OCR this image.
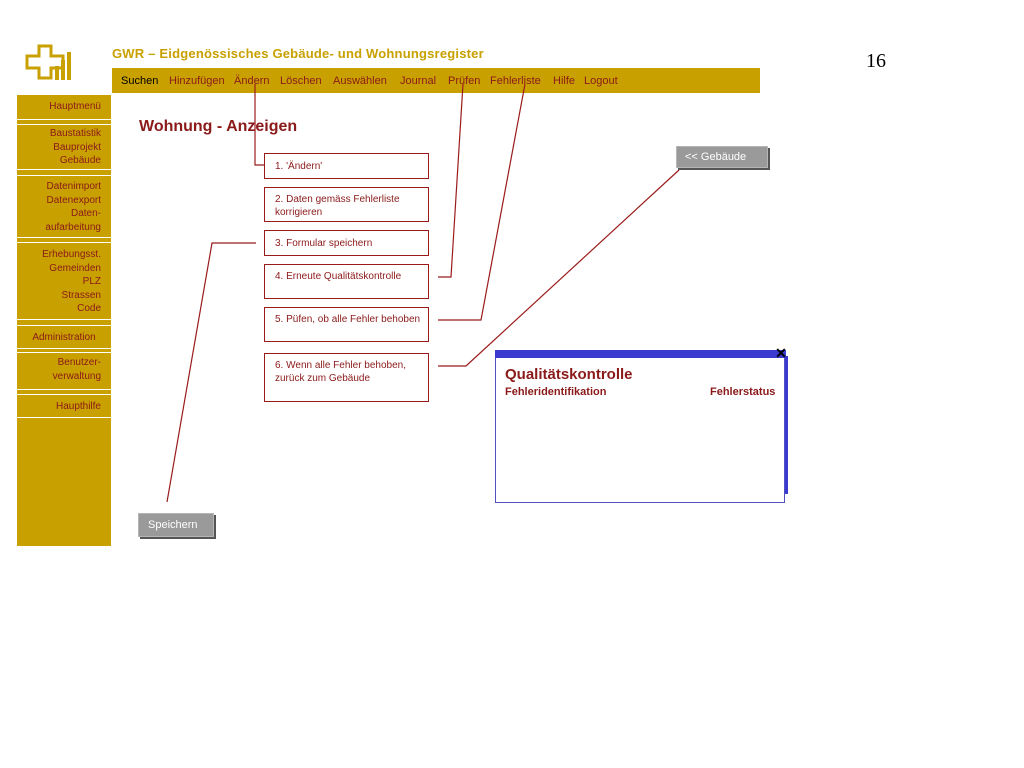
GWR – Eidgenössisches Gebäude- und Wohnungsregister	16
Suchen Hinzufügen Ändern Löschen Auswählen Journal Prüfen Fehlerliste Hilfe Logout
Hauptmenü
Baustatistik
Bauprojekt
Gebäude
Datenimport
Datenexport
Daten-
aufarbeitung
Erhebungsst.
Gemeinden
PLZ
Strassen
Code
Administration
Benutzer-
verwaltung
Haupthilfe
Wohnung - Anzeigen
1. 'Ändern'
2. Daten gemäss Fehlerliste korrigieren
3. Formular speichern
4. Erneute Qualitätskontrolle
5. Püfen, ob alle Fehler behoben
6. Wenn alle Fehler behoben, zurück zum Gebäude
<< Gebäude
Speichern
✕
Qualitätskontrolle
Fehleridentifikation	Fehlerstatus
